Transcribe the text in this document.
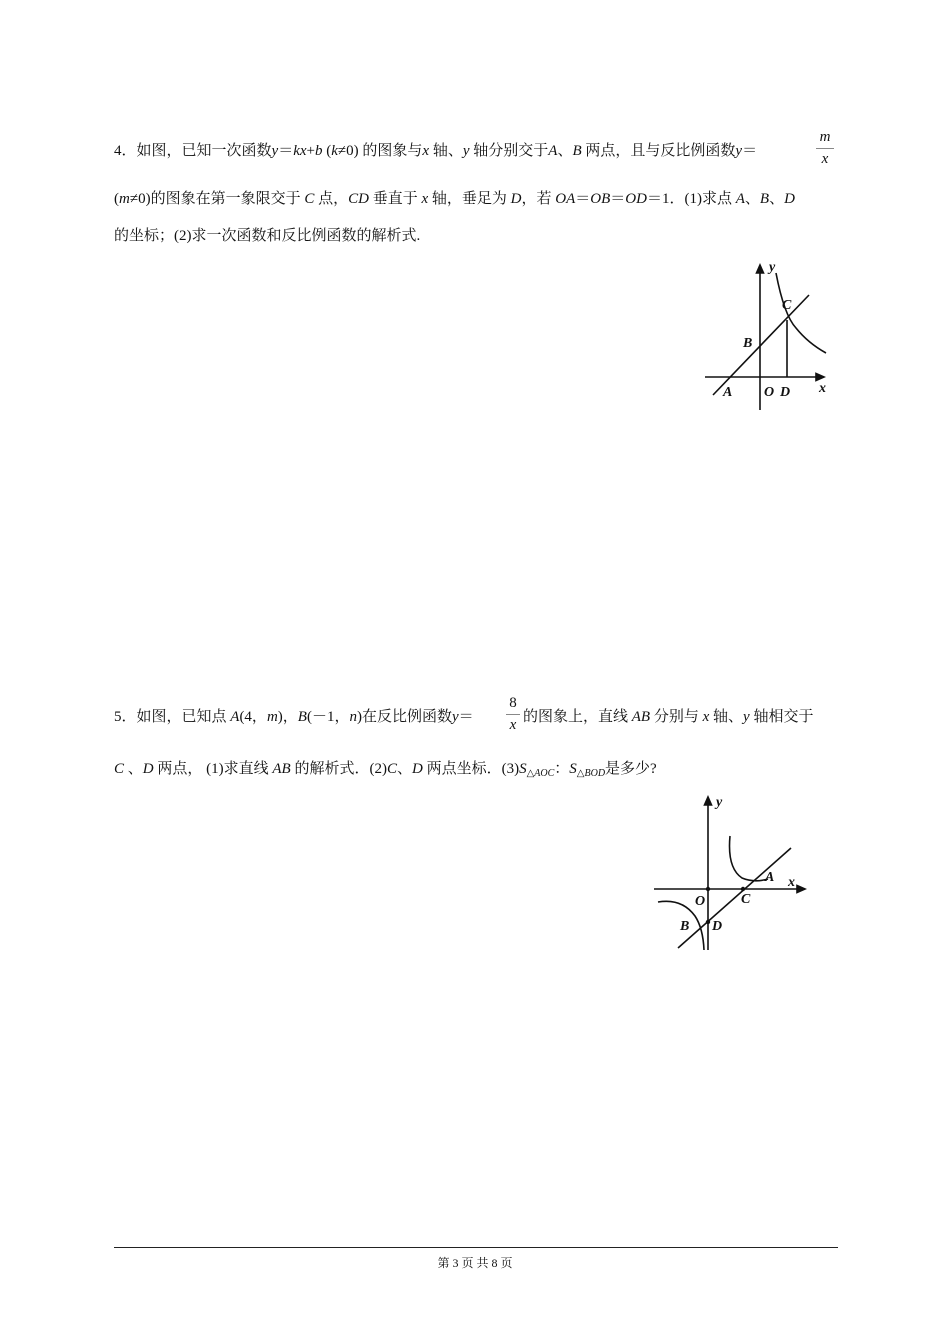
4．如图，已知一次函数y＝kx+b (k≠0) 的图象与x 轴、y 轴分别交于A、B 两点，且与反比例函数y＝
m
x
(m≠0)的图象在第一象限交于 C 点，CD 垂直于 x 轴，垂足为 D，若 OA＝OB＝OD＝1．(1)求点 A、B、D
的坐标；(2)求一次函数和反比例函数的解析式.
y
C
B
A O D x
5．如图，已知点 A(4，m)，B(－1，n)在反比例函数y＝
8
x 的图象上，直线 AB 分别与 x 轴、y 轴相交于
C 、D 两点， (1)求直线 AB 的解析式．(2)C、D 两点坐标．$(3)S_{\triangle AOC}$：$S_{\triangle BOD}$是多少?
y
A x
O	C
B D
第 3 页 共 8 页
